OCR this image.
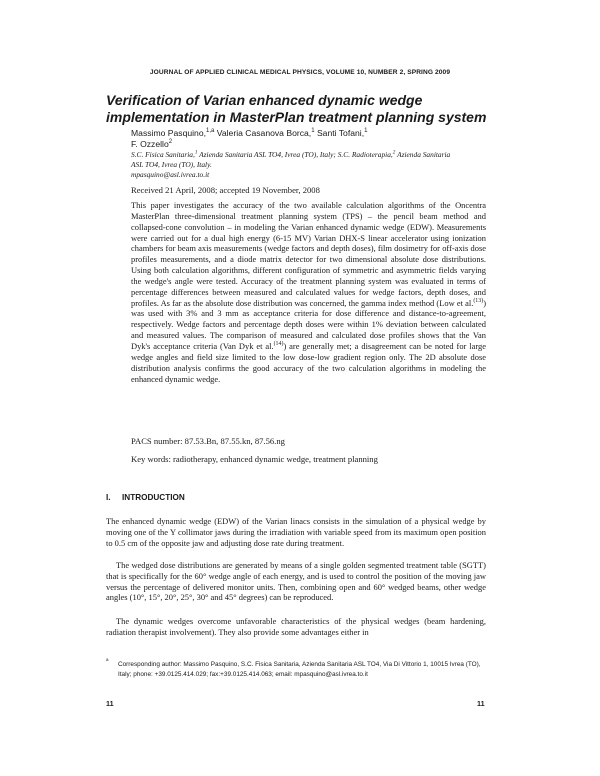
JOURNAL OF APPLIED CLINICAL MEDICAL PHYSICS, VOLUME 10, NUMBER 2, SPRING 2009
Verification of Varian enhanced dynamic wedge implementation in MasterPlan treatment planning system
Massimo Pasquino,$^{1,a}$ Valeria Casanova Borca,$^1$ Santi Tofani,$^1$
F. Ozzello$^2$
S.C. Fisica Sanitaria,$^1$ Azienda Sanitaria ASL TO4, Ivrea (TO), Italy; S.C. Radioterapia,$^2$ Azienda Sanitaria ASL TO4, Ivrea (TO), Italy.
mpasquino@asl.ivrea.to.it
Received 21 April, 2008; accepted 19 November, 2008

This paper investigates the accuracy of the two available calculation algorithms of the Oncentra MasterPlan three-dimensional treatment planning system (TPS) – the pencil beam method and collapsed-cone convolution – in modeling the Varian enhanced dynamic wedge (EDW). Measurements were carried out for a dual high energy (6-15 MV) Varian DHX-S linear accelerator using ionization chambers for beam axis measurements (wedge factors and depth doses), film dosimetry for off-axis dose profiles measurements, and a diode matrix detector for two dimensional absolute dose distributions. Using both calculation algorithms, different configuration of symmetric and asymmetric fields varying the wedge's angle were tested. Accuracy of the treatment planning system was evaluated in terms of percentage differences between measured and calculated values for wedge factors, depth doses, and profiles. As far as the absolute dose distribution was concerned, the gamma index method (Low et al.$^{(13)}$) was used with 3% and 3 mm as acceptance criteria for dose difference and distance-to-agreement, respectively. Wedge factors and percentage depth doses were within 1% deviation between calculated and measured values. The comparison of measured and calculated dose profiles shows that the Van Dyk's acceptance criteria (Van Dyk et al.$^{(14)}$) are generally met; a disagreement can be noted for large wedge angles and field size limited to the low dose-low gradient region only. The 2D absolute dose distribution analysis confirms the good accuracy of the two calculation algorithms in modeling the enhanced dynamic wedge.

PACS number: 87.53.Bn, 87.55.kn, 87.56.ng
Key words: radiotherapy, enhanced dynamic wedge, treatment planning
I. INTRODUCTION

The enhanced dynamic wedge (EDW) of the Varian linacs consists in the simulation of a physical wedge by moving one of the Y collimator jaws during the irradiation with variable speed from its maximum open position to 0.5 cm of the opposite jaw and adjusting dose rate during treatment.

The wedged dose distributions are generated by means of a single golden segmented treatment table (SGTT) that is specifically for the 60° wedge angle of each energy, and is used to control the position of the moving jaw versus the percentage of delivered monitor units. Then, combining open and 60° wedged beams, other wedge angles (10°, 15°, 20°, 25°, 30° and 45° degrees) can be reproduced.

The dynamic wedges overcome unfavorable characteristics of the physical wedges (beam hardening, radiation therapist involvement). They also provide some advantages either in

a
Corresponding author: Massimo Pasquino, S.C. Fisica Sanitaria, Azienda Sanitaria ASL TO4, Via Di Vittorio 1, 10015 Ivrea (TO), Italy; phone: +39.0125.414.029; fax:+39.0125.414.063; email: mpasquino@asl.ivrea.to.it
11	11
